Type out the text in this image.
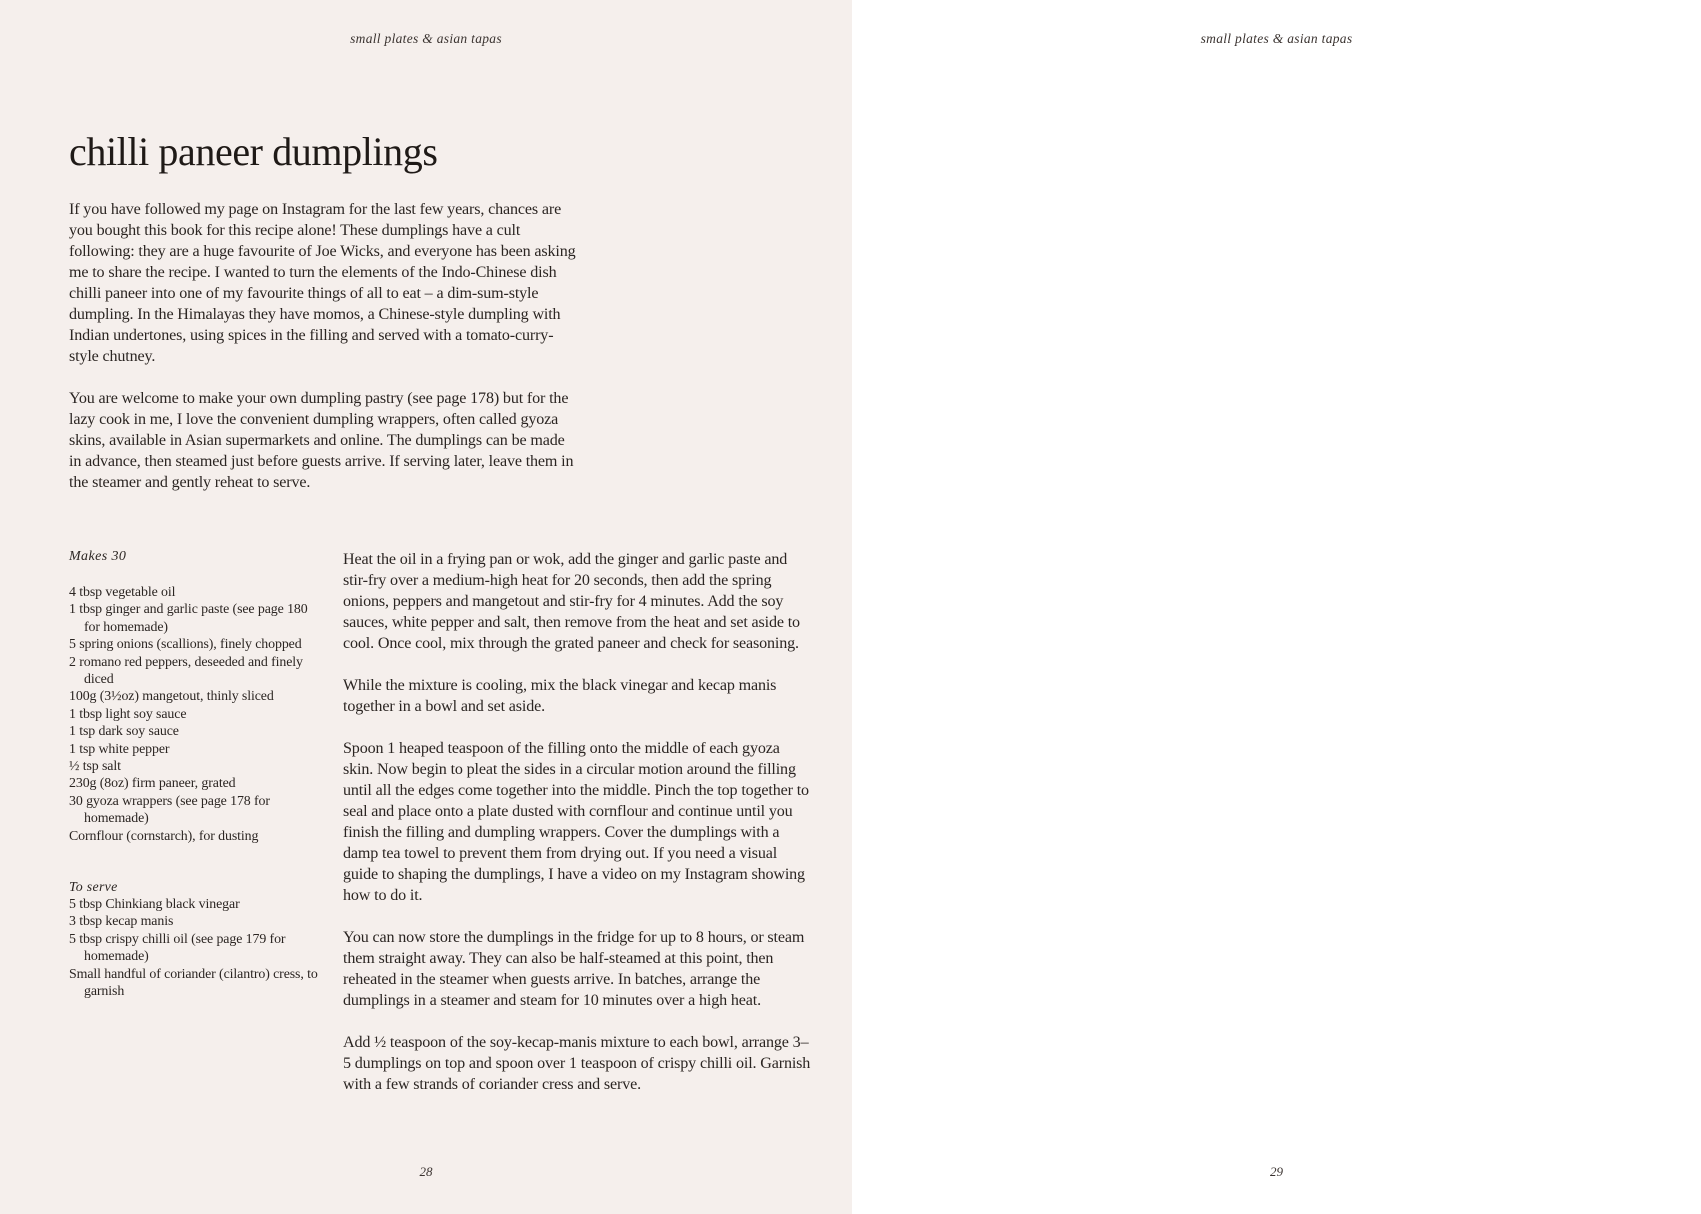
small plates & asian tapas
chilli paneer dumplings

If you have followed my page on Instagram for the last few years, chances are you bought this book for this recipe alone! These dumplings have a cult following: they are a huge favourite of Joe Wicks, and everyone has been asking me to share the recipe. I wanted to turn the elements of the Indo-Chinese dish chilli paneer into one of my favourite things of all to eat – a dim-sum-style dumpling. In the Himalayas they have momos, a Chinese-style dumpling with Indian undertones, using spices in the filling and served with a tomato-curry-style chutney.

You are welcome to make your own dumpling pastry (see page 178) but for the lazy cook in me, I love the convenient dumpling wrappers, often called gyoza skins, available in Asian supermarkets and online. The dumplings can be made in advance, then steamed just before guests arrive. If serving later, leave them in the steamer and gently reheat to serve.

Makes 30

4 tbsp vegetable oil
1 tbsp ginger and garlic paste (see page 180 for homemade)
5 spring onions (scallions), finely chopped
2 romano red peppers, deseeded and finely diced
100g (3½oz) mangetout, thinly sliced
1 tbsp light soy sauce
1 tsp dark soy sauce
1 tsp white pepper
½ tsp salt
230g (8oz) firm paneer, grated
30 gyoza wrappers (see page 178 for homemade)
Cornflour (cornstarch), for dusting

To serve

5 tbsp Chinkiang black vinegar
3 tbsp kecap manis
5 tbsp crispy chilli oil (see page 179 for homemade)
Small handful of coriander (cilantro) cress, to garnish

Heat the oil in a frying pan or wok, add the ginger and garlic paste and stir-fry over a medium-high heat for 20 seconds, then add the spring onions, peppers and mangetout and stir-fry for 4 minutes. Add the soy sauces, white pepper and salt, then remove from the heat and set aside to cool. Once cool, mix through the grated paneer and check for seasoning.

While the mixture is cooling, mix the black vinegar and kecap manis together in a bowl and set aside.

Spoon 1 heaped teaspoon of the filling onto the middle of each gyoza skin. Now begin to pleat the sides in a circular motion around the filling until all the edges come together into the middle. Pinch the top together to seal and place onto a plate dusted with cornflour and continue until you finish the filling and dumpling wrappers. Cover the dumplings with a damp tea towel to prevent them from drying out. If you need a visual guide to shaping the dumplings, I have a video on my Instagram showing how to do it.

You can now store the dumplings in the fridge for up to 8 hours, or steam them straight away. They can also be half-steamed at this point, then reheated in the steamer when guests arrive. In batches, arrange the dumplings in a steamer and steam for 10 minutes over a high heat.

Add ½ teaspoon of the soy-kecap-manis mixture to each bowl, arrange 3–5 dumplings on top and spoon over 1 teaspoon of crispy chilli oil. Garnish with a few strands of coriander cress and serve.

28
small plates & asian tapas
29
